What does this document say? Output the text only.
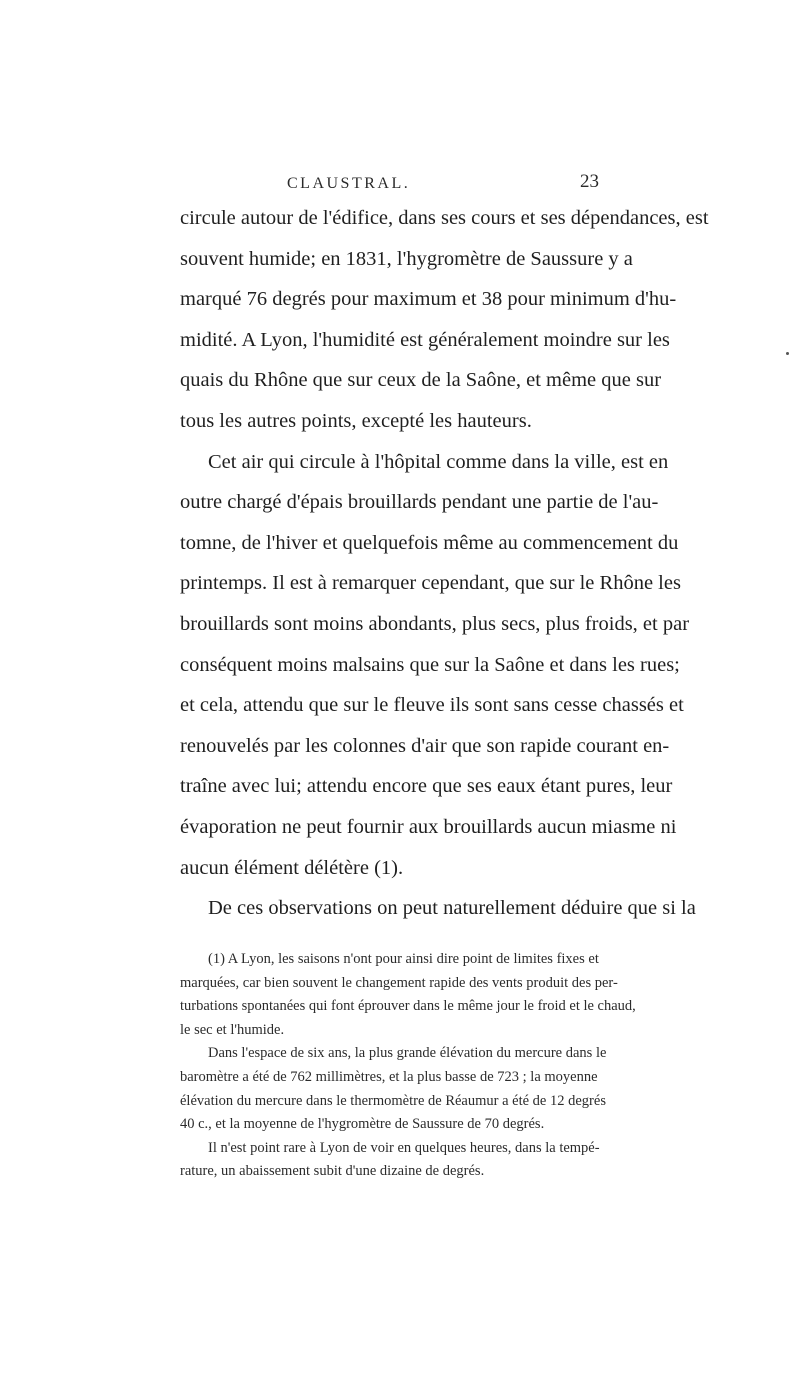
CLAUSTRAL.	23
circule autour de l'édifice, dans ses cours et ses dépendances, est
souvent humide; en 1831, l'hygromètre de Saussure y a
marqué 76 degrés pour maximum et 38 pour minimum d'hu-
midité. A Lyon, l'humidité est généralement moindre sur les
quais du Rhône que sur ceux de la Saône, et même que sur
tous les autres points, excepté les hauteurs.
Cet air qui circule à l'hôpital comme dans la ville, est en
outre chargé d'épais brouillards pendant une partie de l'au-
tomne, de l'hiver et quelquefois même au commencement du
printemps. Il est à remarquer cependant, que sur le Rhône les
brouillards sont moins abondants, plus secs, plus froids, et par
conséquent moins malsains que sur la Saône et dans les rues;
et cela, attendu que sur le fleuve ils sont sans cesse chassés et
renouvelés par les colonnes d'air que son rapide courant en-
traîne avec lui; attendu encore que ses eaux étant pures, leur
évaporation ne peut fournir aux brouillards aucun miasme ni
aucun élément délétère (1).
De ces observations on peut naturellement déduire que si la
(1) A Lyon, les saisons n'ont pour ainsi dire point de limites fixes et
marquées, car bien souvent le changement rapide des vents produit des per-
turbations spontanées qui font éprouver dans le même jour le froid et le chaud,
le sec et l'humide.
Dans l'espace de six ans, la plus grande élévation du mercure dans le
baromètre a été de 762 millimètres, et la plus basse de 723 ; la moyenne
élévation du mercure dans le thermomètre de Réaumur a été de 12 degrés
40 c., et la moyenne de l'hygromètre de Saussure de 70 degrés.
Il n'est point rare à Lyon de voir en quelques heures, dans la tempé-
rature, un abaissement subit d'une dizaine de degrés.
